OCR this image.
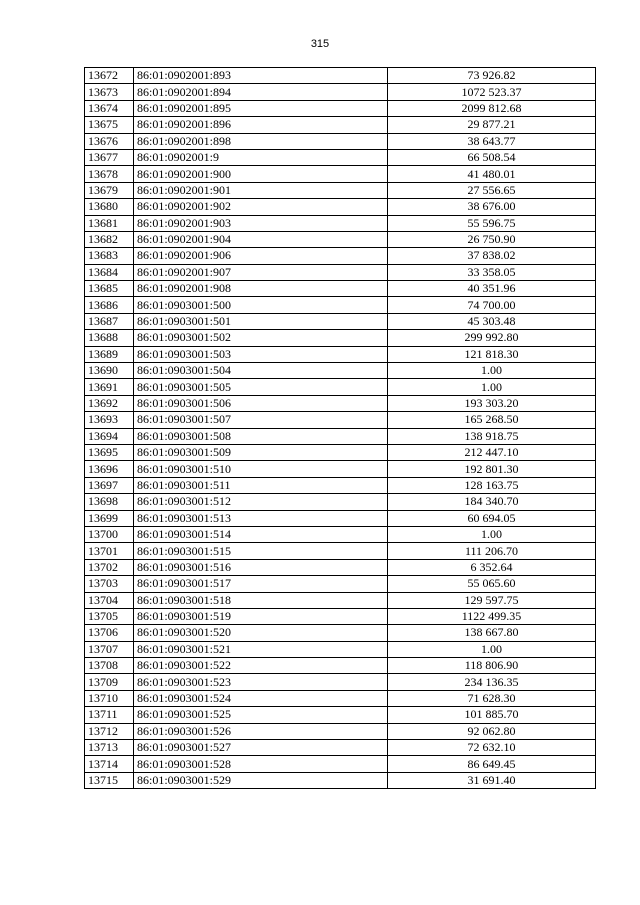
315
13672	86:01:0902001:893	73 926.82
13673	86:01:0902001:894	1072 523.37
13674	86:01:0902001:895	2099 812.68
13675	86:01:0902001:896	29 877.21
13676	86:01:0902001:898	38 643.77
13677	86:01:0902001:9	66 508.54
13678	86:01:0902001:900	41 480.01
13679	86:01:0902001:901	27 556.65
13680	86:01:0902001:902	38 676.00
13681	86:01:0902001:903	55 596.75
13682	86:01:0902001:904	26 750.90
13683	86:01:0902001:906	37 838.02
13684	86:01:0902001:907	33 358.05
13685	86:01:0902001:908	40 351.96
13686	86:01:0903001:500	74 700.00
13687	86:01:0903001:501	45 303.48
13688	86:01:0903001:502	299 992.80
13689	86:01:0903001:503	121 818.30
13690	86:01:0903001:504	1.00
13691	86:01:0903001:505	1.00
13692	86:01:0903001:506	193 303.20
13693	86:01:0903001:507	165 268.50
13694	86:01:0903001:508	138 918.75
13695	86:01:0903001:509	212 447.10
13696	86:01:0903001:510	192 801.30
13697	86:01:0903001:511	128 163.75
13698	86:01:0903001:512	184 340.70
13699	86:01:0903001:513	60 694.05
13700	86:01:0903001:514	1.00
13701	86:01:0903001:515	111 206.70
13702	86:01:0903001:516	6 352.64
13703	86:01:0903001:517	55 065.60
13704	86:01:0903001:518	129 597.75
13705	86:01:0903001:519	1122 499.35
13706	86:01:0903001:520	138 667.80
13707	86:01:0903001:521	1.00
13708	86:01:0903001:522	118 806.90
13709	86:01:0903001:523	234 136.35
13710	86:01:0903001:524	71 628.30
13711	86:01:0903001:525	101 885.70
13712	86:01:0903001:526	92 062.80
13713	86:01:0903001:527	72 632.10
13714	86:01:0903001:528	86 649.45
13715	86:01:0903001:529	31 691.40
